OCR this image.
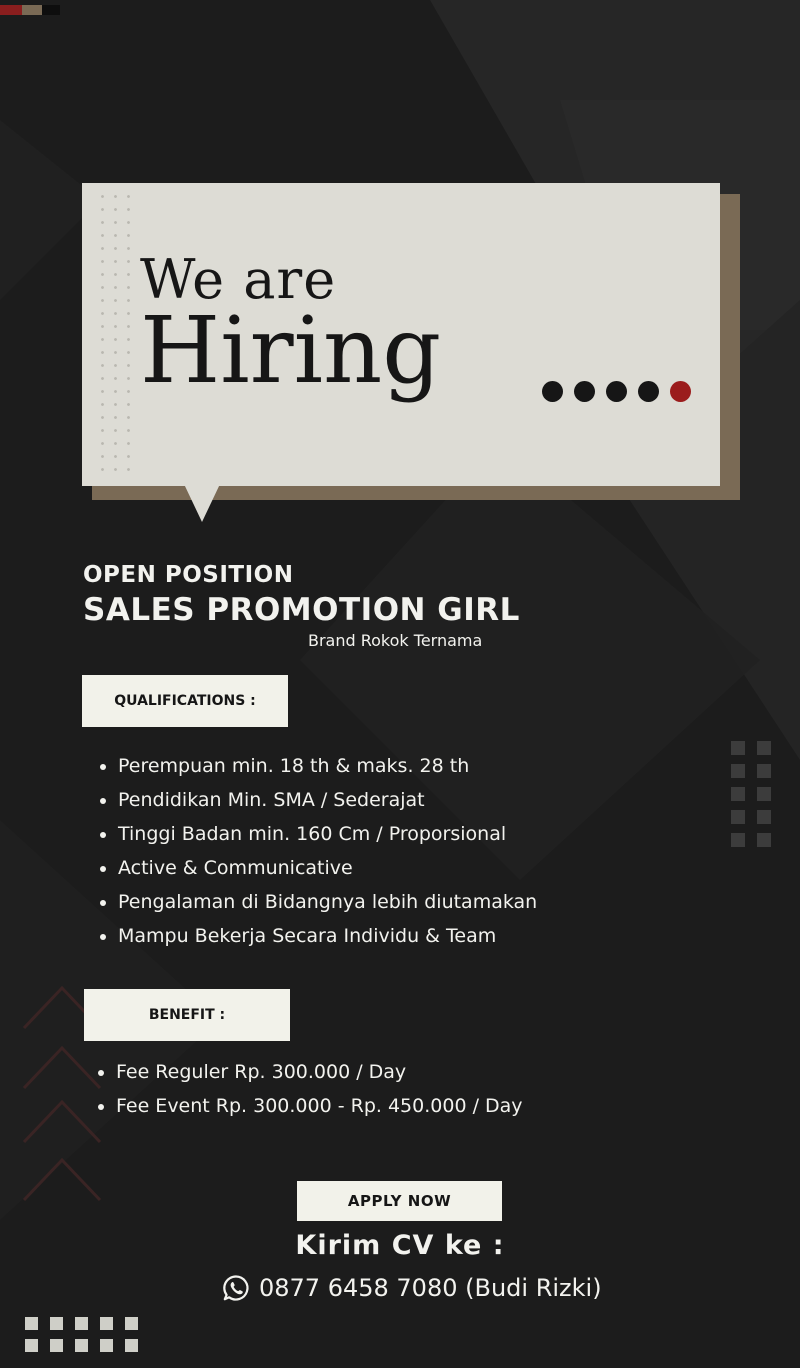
We are
Hiring
OPEN POSITION
SALES PROMOTION GIRL
Brand Rokok Ternama
QUALIFICATIONS :
Perempuan min. 18 th & maks. 28 th
Pendidikan Min. SMA / Sederajat
Tinggi Badan min. 160 Cm / Proporsional
Active & Communicative
Pengalaman di Bidangnya lebih diutamakan
Mampu Bekerja Secara Individu & Team
BENEFIT :
Fee Reguler Rp. 300.000 / Day
Fee Event Rp. 300.000 - Rp. 450.000 / Day
APPLY NOW
Kirim CV ke :
0877 6458 7080 (Budi Rizki)
